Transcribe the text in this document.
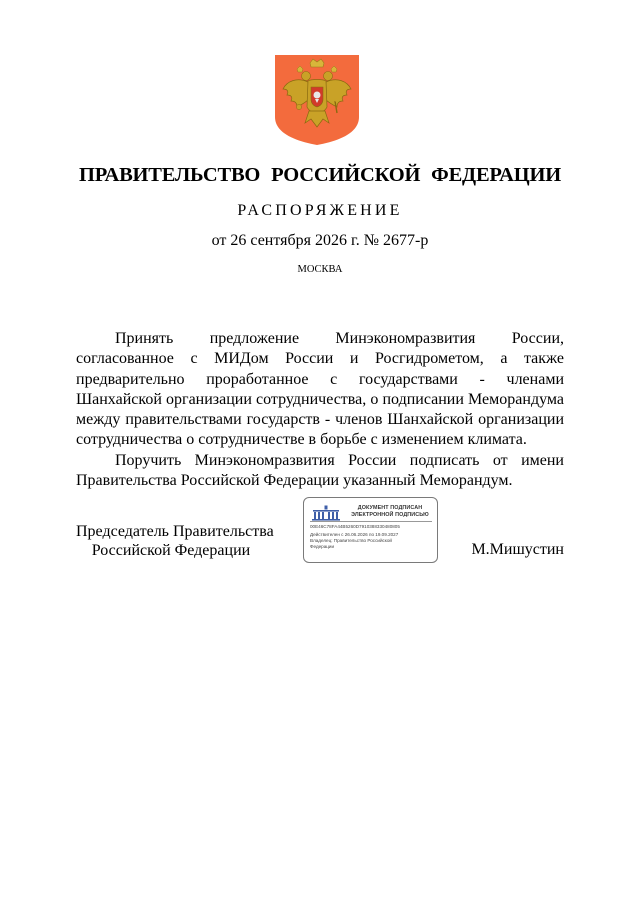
ПРАВИТЕЛЬСТВО РОССИЙСКОЙ ФЕДЕРАЦИИ
РАСПОРЯЖЕНИЕ
от 26 сентября 2026 г. № 2677-р
МОСКВА

Принять предложение Минэкономразвития России, согласованное с МИДом России и Росгидрометом, а также предварительно проработанное с государствами - членами Шанхайской организации сотрудничества, о подписании Меморандума между правительствами государств - членов Шанхайской организации сотрудничества о сотрудничестве в борьбе с изменением климата.

Поручить Минэкономразвития России подписать от имени Правительства Российской Федерации указанный Меморандум.

Председатель Правительства
Российской Федерации
ДОКУМЕНТ ПОДПИСАН
ЭЛЕКТРОННОЙ ПОДПИСЬЮ
00E46C78FA44B5260D7910388330480805
Действителен с 26.06.2026 по 19.09.2027
Владелец: Правительство Российской
Федерации	М.Мишустин
